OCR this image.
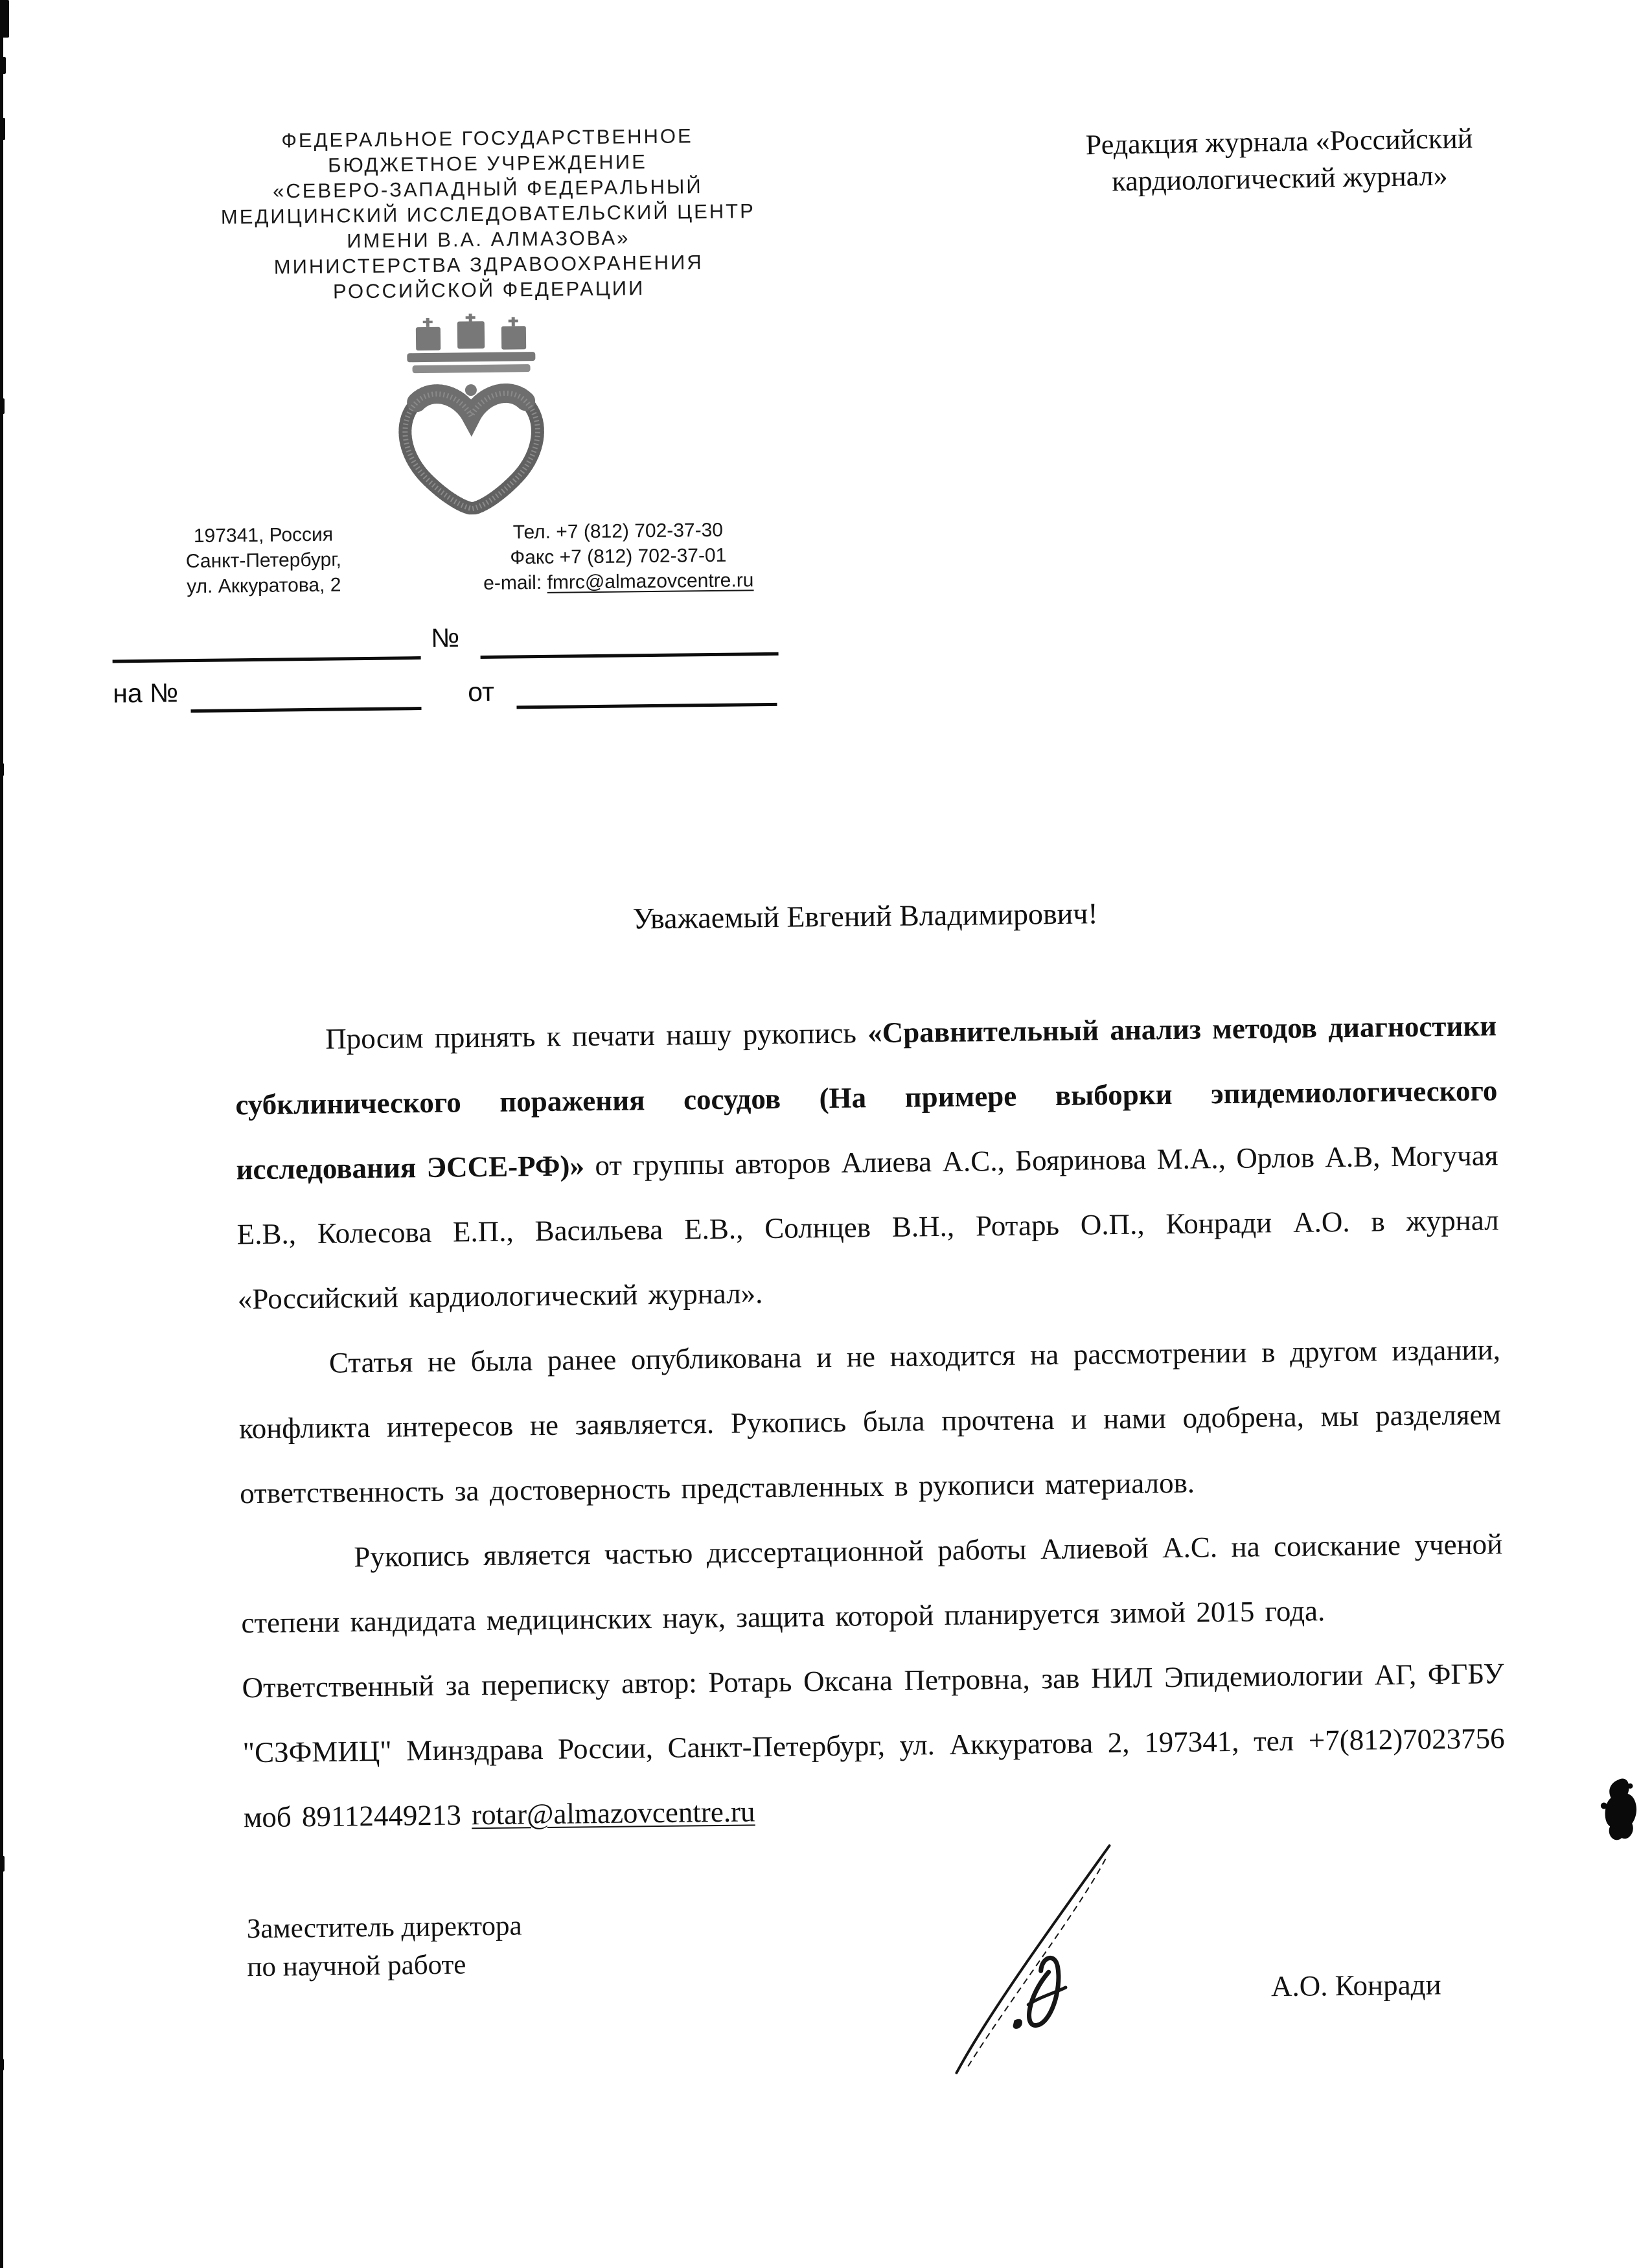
ФЕДЕРАЛЬНОЕ ГОСУДАРСТВЕННОЕ
БЮДЖЕТНОЕ УЧРЕЖДЕНИЕ
«СЕВЕРО-ЗАПАДНЫЙ ФЕДЕРАЛЬНЫЙ
МЕДИЦИНСКИЙ ИССЛЕДОВАТЕЛЬСКИЙ ЦЕНТР
ИМЕНИ В.А. АЛМАЗОВА»
МИНИСТЕРСТВА ЗДРАВООХРАНЕНИЯ
РОССИЙСКОЙ ФЕДЕРАЦИИ
Редакция журнала «Российский
кардиологический журнал»
197341, Россия
Санкт-Петербург,
ул. Аккуратова, 2
Тел. +7 (812) 702-37-30
Факс +7 (812) 702-37-01
e-mail: fmrc@almazovcentre.ru
№
на №	от
Уважаемый Евгений Владимирович!

Просим принять к печати нашу рукопись «Сравнительный анализ методов диагностики субклинического поражения сосудов (На примере выборки эпидемиологического исследования ЭССЕ-РФ)» от группы авторов Алиева А.С., Бояринова М.А., Орлов А.В, Могучая Е.В., Колесова Е.П., Васильева Е.В., Солнцев В.Н., Ротарь О.П., Конради А.О. в журнал «Российский кардиологический журнал».

Статья не была ранее опубликована и не находится на рассмотрении в другом издании, конфликта интересов не заявляется. Рукопись была прочтена и нами одобрена, мы разделяем ответственность за достоверность представленных в рукописи материалов.

Рукопись является частью диссертационной работы Алиевой А.С. на соискание ученой степени кандидата медицинских наук, защита которой планируется зимой 2015 года.

Ответственный за переписку автор: Ротарь Оксана Петровна, зав НИЛ Эпидемиологии АГ, ФГБУ "СЗФМИЦ" Минздрава России, Санкт-Петербург, ул. Аккуратова 2, 197341, тел +7(812)7023756 моб 89112449213 rotar@almazovcentre.ru

Заместитель директора
по научной работе
А.О. Конради
